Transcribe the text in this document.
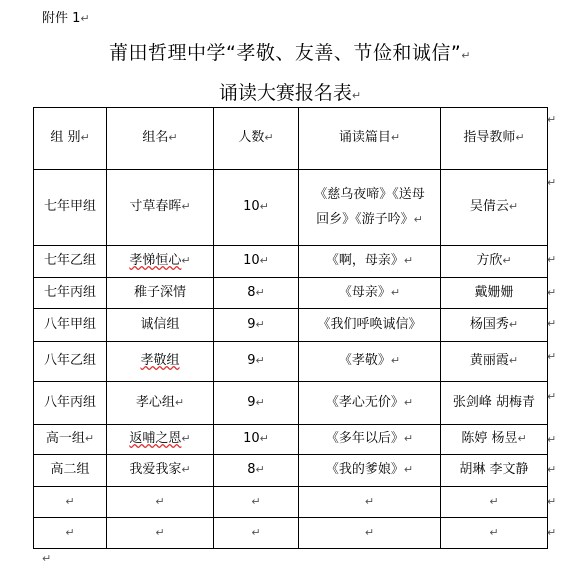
附件 1↵
莆田哲理中学“孝敬、友善、节俭和诚信”↵
诵读大赛报名表↵
组 别↵	组名↵	人数↵	诵读篇目↵	指导教师↵
七年甲组	寸草春晖↵	10↵	《慈乌夜啼》《送母回乡》《游子吟》↵	吴倩云↵
七年乙组	孝悌恒心↵	10↵	《啊，母亲》↵	方欣↵
七年丙组	稚子深情	8↵	《母亲》↵	戴姗姗
八年甲组	诚信组	9↵	《我们呼唤诚信》	杨国秀↵
八年乙组	孝敬组	9↵	《孝敬》↵	黄丽霞↵
八年丙组	孝心组↵	9↵	《孝心无价》↵	张剑峰 胡梅青
高一组↵	返哺之恩↵	10↵	《多年以后》↵	陈婷 杨昱↵
高二组	我爱我家↵	8↵	《我的爹娘》↵	胡琳 李文静
↵	↵	↵	↵	↵
↵	↵	↵	↵	↵
↵
↵
↵
↵
↵
↵
↵
↵
↵
↵
↵
↵
